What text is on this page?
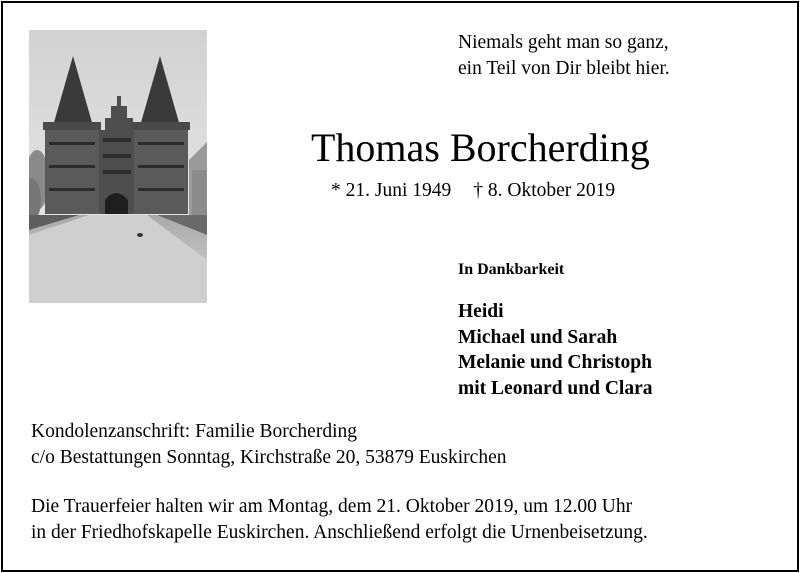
Niemals geht man so ganz,
ein Teil von Dir bleibt hier.
Thomas Borcherding
* 21. Juni 1949 † 8. Oktober 2019
In Dankbarkeit
Heidi
Michael und Sarah
Melanie und Christoph
mit Leonard und Clara
Kondolenzanschrift: Familie Borcherding
c/o Bestattungen Sonntag, Kirchstraße 20, 53879 Euskirchen
Die Trauerfeier halten wir am Montag, dem 21. Oktober 2019, um 12.00 Uhr
in der Friedhofskapelle Euskirchen. Anschließend erfolgt die Urnenbeisetzung.
